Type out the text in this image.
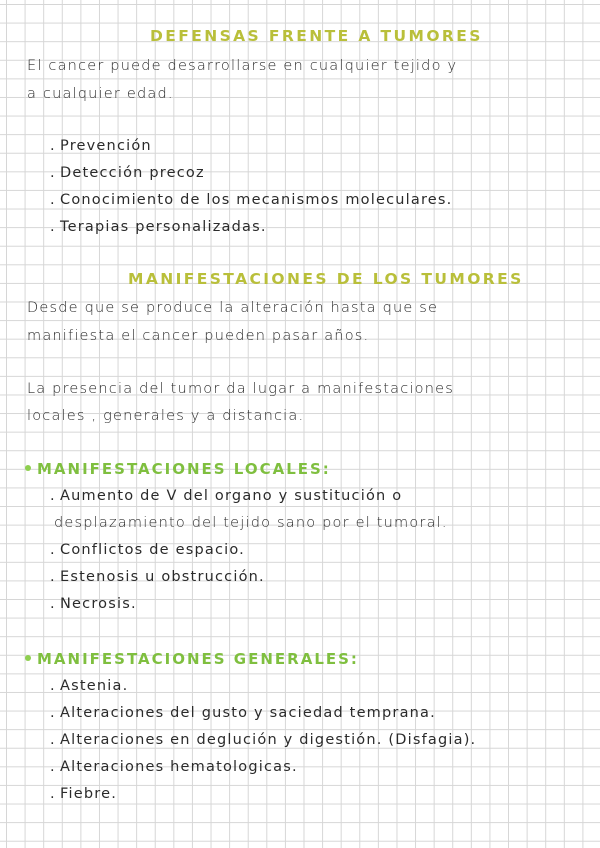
DEFENSAS FRENTE A TUMORES
El cancer puede desarrollarse en cualquier tejido y
a cualquier edad.
. Prevención
. Detección precoz
. Conocimiento de los mecanismos moleculares.
. Terapias personalizadas.
MANIFESTACIONES DE LOS TUMORES
Desde que se produce la alteración hasta que se
manifiesta el cancer pueden pasar años.
La presencia del tumor da lugar a manifestaciones
locales , generales y a distancia.
MANIFESTACIONES LOCALES:
. Aumento de V del organo y sustitución o
desplazamiento del tejido sano por el tumoral.
. Conflictos de espacio.
. Estenosis u obstrucción.
. Necrosis.
MANIFESTACIONES GENERALES:
. Astenia.
. Alteraciones del gusto y saciedad temprana.
. Alteraciones en deglución y digestión. (Disfagia).
. Alteraciones hematologicas.
. Fiebre.
